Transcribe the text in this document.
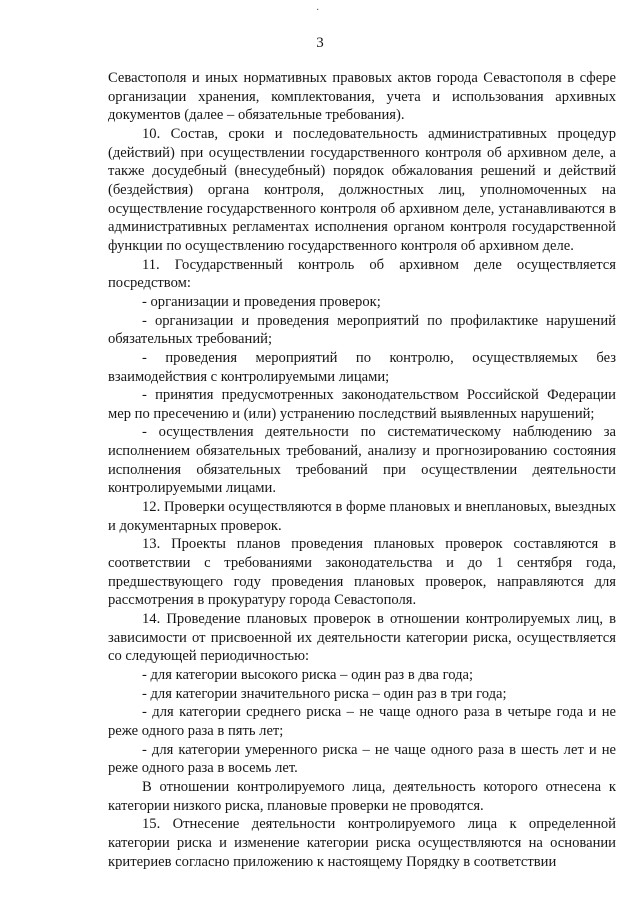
·
3

Севастополя и иных нормативных правовых актов города Севастополя в сфере организации хранения, комплектования, учета и использования архивных документов (далее – обязательные требования).

10. Состав, сроки и последовательность административных процедур (действий) при осуществлении государственного контроля об архивном деле, а также досудебный (внесудебный) порядок обжалования решений и действий (бездействия) органа контроля, должностных лиц, уполномоченных на осуществление государственного контроля об архивном деле, устанавливаются в административных регламентах исполнения органом контроля государственной функции по осуществлению государственного контроля об архивном деле.

11. Государственный контроль об архивном деле осуществляется посредством:

- организации и проведения проверок;

- организации и проведения мероприятий по профилактике нарушений обязательных требований;

- проведения мероприятий по контролю, осуществляемых без взаимодействия с контролируемыми лицами;

- принятия предусмотренных законодательством Российской Федерации мер по пресечению и (или) устранению последствий выявленных нарушений;

- осуществления деятельности по систематическому наблюдению за исполнением обязательных требований, анализу и прогнозированию состояния исполнения обязательных требований при осуществлении деятельности контролируемыми лицами.

12. Проверки осуществляются в форме плановых и внеплановых, выездных и документарных проверок.

13. Проекты планов проведения плановых проверок составляются в соответствии с требованиями законодательства и до 1 сентября года, предшествующего году проведения плановых проверок, направляются для рассмотрения в прокуратуру города Севастополя.

14. Проведение плановых проверок в отношении контролируемых лиц, в зависимости от присвоенной их деятельности категории риска, осуществляется со следующей периодичностью:

- для категории высокого риска – один раз в два года;

- для категории значительного риска – один раз в три года;

- для категории среднего риска – не чаще одного раза в четыре года и не реже одного раза в пять лет;

- для категории умеренного риска – не чаще одного раза в шесть лет и не реже одного раза в восемь лет.

В отношении контролируемого лица, деятельность которого отнесена к категории низкого риска, плановые проверки не проводятся.

15. Отнесение деятельности контролируемого лица к определенной категории риска и изменение категории риска осуществляются на основании критериев согласно приложению к настоящему Порядку в соответствии
